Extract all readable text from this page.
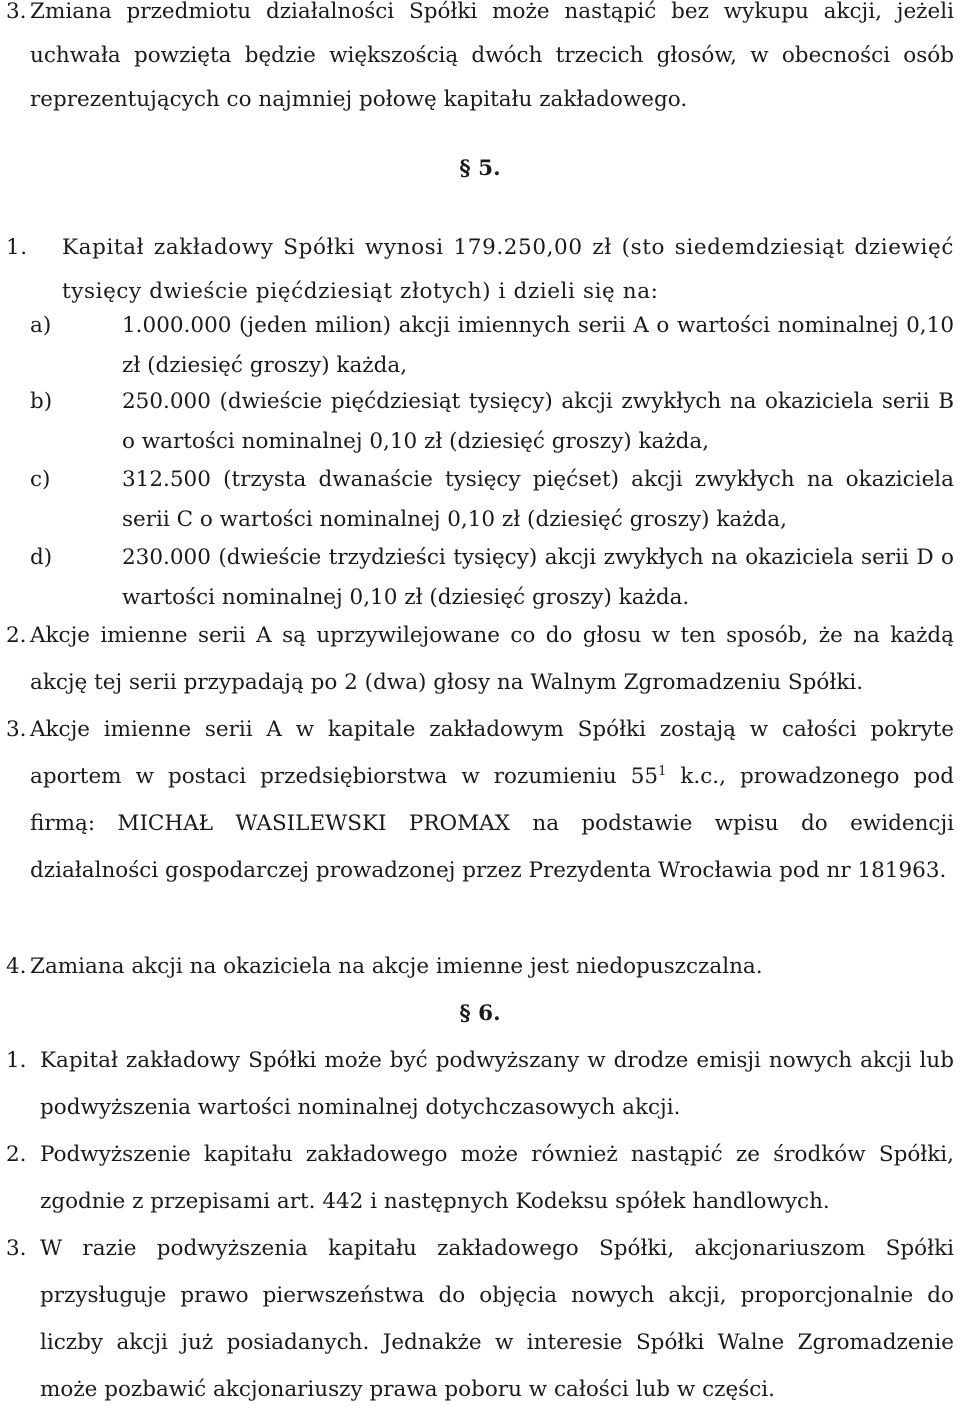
3. Zmiana przedmiotu działalności Spółki może nastąpić bez wykupu akcji, jeżeli uchwała powzięta będzie większością dwóch trzecich głosów, w obecności osób reprezentujących co najmniej połowę kapitału zakładowego.
§ 5.
1. Kapitał zakładowy Spółki wynosi 179.250,00 zł (sto siedemdziesiąt dziewięć tysięcy dwieście pięćdziesiąt złotych) i dzieli się na:
a)	1.000.000 (jeden milion) akcji imiennych serii A o wartości nominalnej 0,10 zł (dziesięć groszy) każda,
b)	250.000 (dwieście pięćdziesiąt tysięcy) akcji zwykłych na okaziciela serii B o wartości nominalnej 0,10 zł (dziesięć groszy) każda,
c)	312.500 (trzysta dwanaście tysięcy pięćset) akcji zwykłych na okaziciela serii C o wartości nominalnej 0,10 zł (dziesięć groszy) każda,
d)	230.000 (dwieście trzydzieści tysięcy) akcji zwykłych na okaziciela serii D o wartości nominalnej 0,10 zł (dziesięć groszy) każda.
2. Akcje imienne serii A są uprzywilejowane co do głosu w ten sposób, że na każdą akcję tej serii przypadają po 2 (dwa) głosy na Walnym Zgromadzeniu Spółki.
3. Akcje imienne serii A w kapitale zakładowym Spółki zostają w całości pokryte aportem w postaci przedsiębiorstwa w rozumieniu $55^1$ k.c., prowadzonego pod firmą: MICHAŁ WASILEWSKI PROMAX na podstawie wpisu do ewidencji działalności gospodarczej prowadzonej przez Prezydenta Wrocławia pod nr 181963.
4. Zamiana akcji na okaziciela na akcje imienne jest niedopuszczalna.
§ 6.
1. Kapitał zakładowy Spółki może być podwyższany w drodze emisji nowych akcji lub podwyższenia wartości nominalnej dotychczasowych akcji.
2. Podwyższenie kapitału zakładowego może również nastąpić ze środków Spółki, zgodnie z przepisami art. 442 i następnych Kodeksu spółek handlowych.
3. W razie podwyższenia kapitału zakładowego Spółki, akcjonariuszom Spółki przysługuje prawo pierwszeństwa do objęcia nowych akcji, proporcjonalnie do liczby akcji już posiadanych. Jednakże w interesie Spółki Walne Zgromadzenie może pozbawić akcjonariuszy prawa poboru w całości lub w części.
